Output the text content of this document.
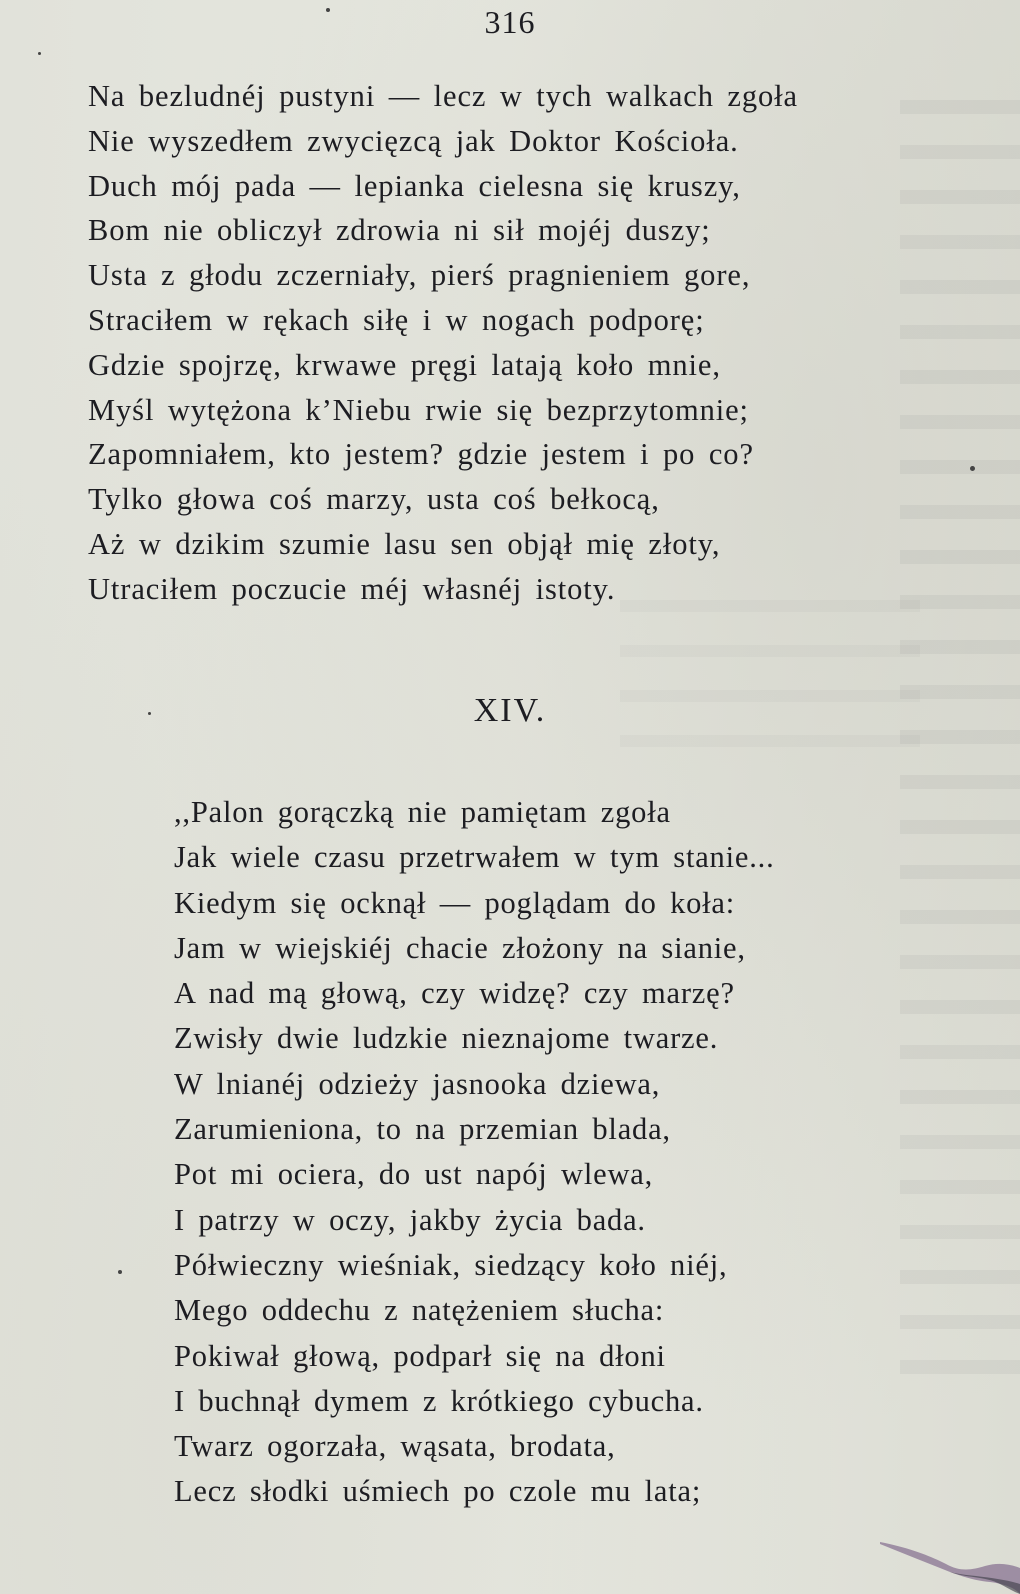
316
Na bezludnéj pustyni — lecz w tych walkach zgoła
Nie wyszedłem zwycięzcą jak Doktor Kościoła.
Duch mój pada — lepianka cielesna się kruszy,
Bom nie obliczył zdrowia ni sił mojéj duszy;
Usta z głodu zczerniały, pierś pragnieniem gore,
Straciłem w rękach siłę i w nogach podporę;
Gdzie spojrzę, krwawe pręgi latają koło mnie,
Myśl wytężona k’Niebu rwie się bezprzytomnie;
Zapomniałem, kto jestem? gdzie jestem i po co?
Tylko głowa coś marzy, usta coś bełkocą,
Aż w dzikim szumie lasu sen objął mię złoty,
Utraciłem poczucie méj własnéj istoty.
XIV.
,,Palon gorączką nie pamiętam zgoła
Jak wiele czasu przetrwałem w tym stanie...
Kiedym się ocknął — poglądam do koła:
Jam w wiejskiéj chacie złożony na sianie,
A nad mą głową, czy widzę? czy marzę?
Zwisły dwie ludzkie nieznajome twarze.
W lnianéj odzieży jasnooka dziewa,
Zarumieniona, to na przemian blada,
Pot mi ociera, do ust napój wlewa,
I patrzy w oczy, jakby życia bada.
Półwieczny wieśniak, siedzący koło niéj,
Mego oddechu z natężeniem słucha:
Pokiwał głową, podparł się na dłoni
I buchnął dymem z krótkiego cybucha.
Twarz ogorzała, wąsata, brodata,
Lecz słodki uśmiech po czole mu lata;
